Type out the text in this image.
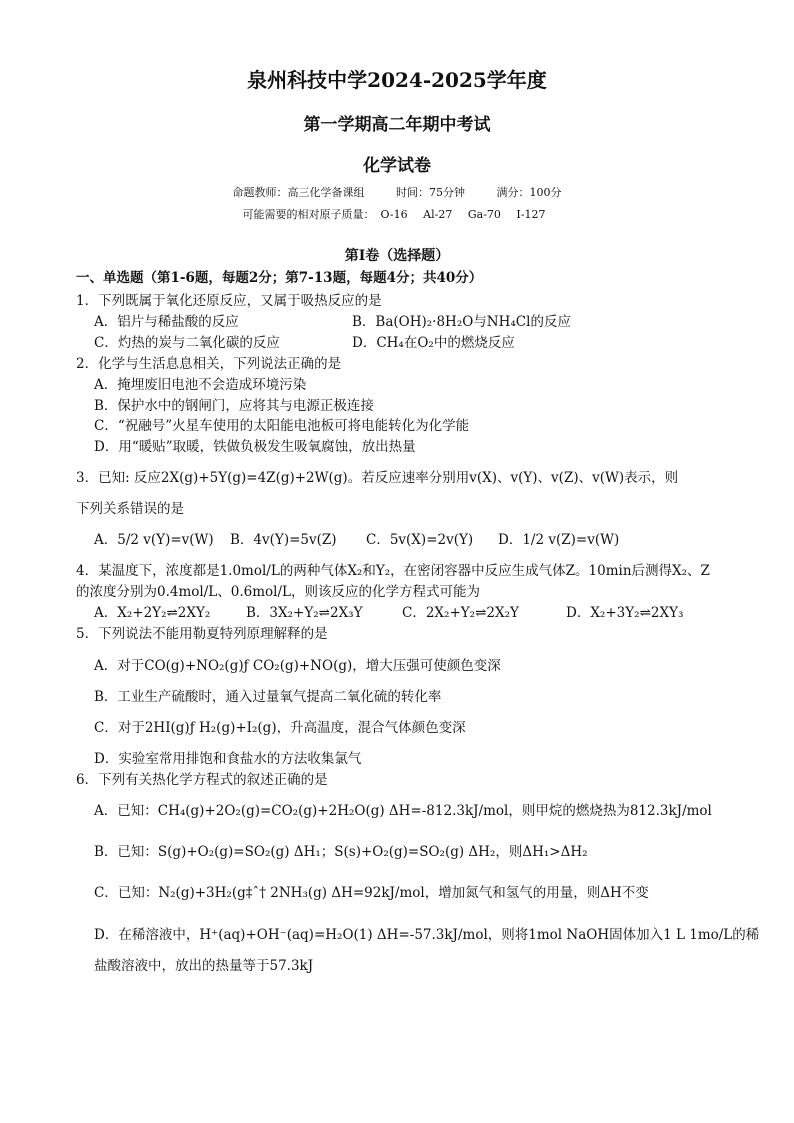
泉州科技中学2024-2025学年度
第一学期高二年期中考试
化学试卷
命题教师：高三化学备课组	时间：75分钟	满分：100分
可能需要的相对原子质量： O-16 Al-27 Ga-70 I-127
第Ⅰ卷（选择题）
一、单选题（第1-6题，每题2分；第7-13题，每题4分；共40分）
1．下列既属于氧化还原反应，又属于吸热反应的是
A．铝片与稀盐酸的反应	B．Ba(OH)₂·8H₂O与NH₄Cl的反应
C．灼热的炭与二氧化碳的反应	D．CH₄在O₂中的燃烧反应
2．化学与生活息息相关，下列说法正确的是
A．掩埋废旧电池不会造成环境污染
B．保护水中的钢闸门，应将其与电源正极连接
C．“祝融号”火星车使用的太阳能电池板可将电能转化为化学能
D．用“暖贴”取暖，铁做负极发生吸氧腐蚀，放出热量
3．已知: 反应2X(g)+5Y(g)=4Z(g)+2W(g)。若反应速率分别用v(X)、v(Y)、v(Z)、v(W)表示，则
下列关系错误的是
A．5/2 v(Y)=v(W) B．4v(Y)=5v(Z) C．5v(X)=2v(Y) D．1/2 v(Z)=v(W)
4．某温度下，浓度都是1.0mol/L的两种气体X₂和Y₂，在密闭容器中反应生成气体Z。10min后测得X₂、Z
的浓度分别为0.4mol/L、0.6mol/L，则该反应的化学方程式可能为
A．X₂+2Y₂⇌2XY₂	B．3X₂+Y₂⇌2X₃Y	C．2X₂+Y₂⇌2X₂Y	D．X₂+3Y₂⇌2XY₃
5．下列说法不能用勒夏特列原理解释的是
A．对于CO(g)+NO₂(g)ƒ CO₂(g)+NO(g)，增大压强可使颜色变深
B．工业生产硫酸时，通入过量氧气提高二氧化硫的转化率
C．对于2HI(g)ƒ H₂(g)+I₂(g)，升高温度，混合气体颜色变深
D．实验室常用排饱和食盐水的方法收集氯气
6．下列有关热化学方程式的叙述正确的是
A．已知：CH₄(g)+2O₂(g)=CO₂(g)+2H₂O(g) ΔH=-812.3kJ/mol，则甲烷的燃烧热为812.3kJ/mol
B．已知：S(g)+O₂(g)=SO₂(g) ΔH₁；S(s)+O₂(g)=SO₂(g) ΔH₂，则ΔH₁>ΔH₂
C．已知：N₂(g)+3H₂(g‡ˆ† 2NH₃(g) ΔH=92kJ/mol，增加氮气和氢气的用量，则ΔH不变
D．在稀溶液中，H⁺(aq)+OH⁻(aq)=H₂O(1) ΔH=-57.3kJ/mol，则将1mol NaOH固体加入1 L 1mo/L的稀
盐酸溶液中，放出的热量等于57.3kJ
